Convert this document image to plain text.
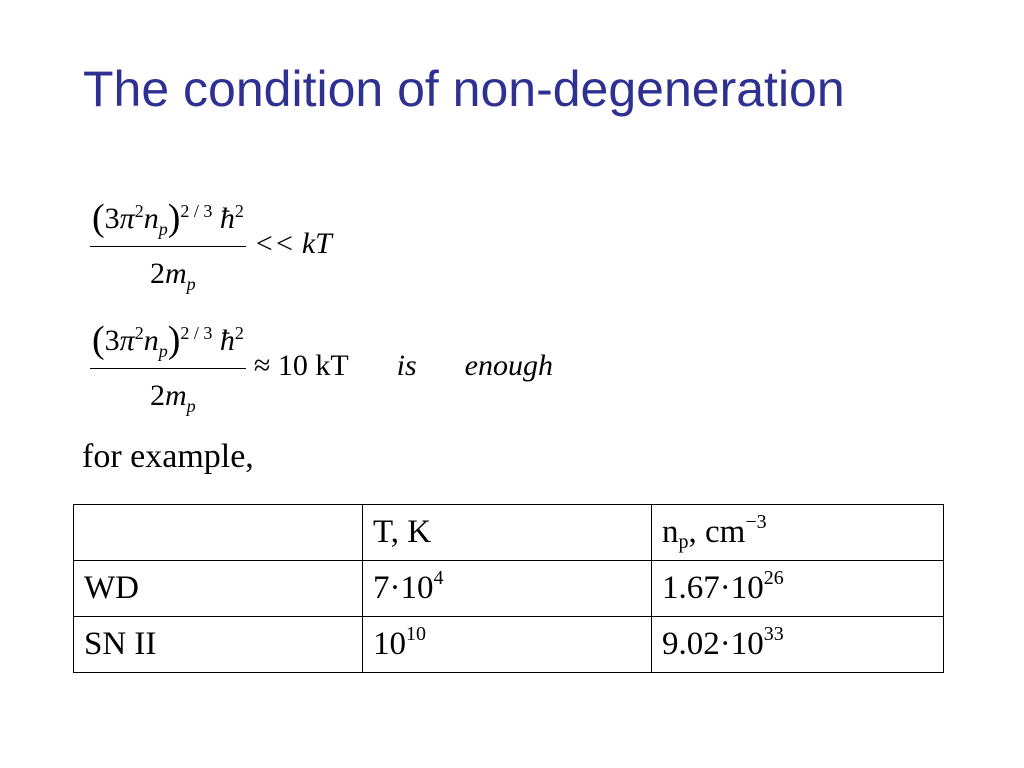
The condition of non-degeneration
$\frac{(3\pi^2n_p)^{2 / 3} ħ^2}{2m_p}$ << kT
$\frac{(3\pi^2n_p)^{2 / 3} ħ^2}{2m_p} \approx 10$ kT is enough
for example,
	T, K	$n_p$, $cm^{-3}$
WD	$7\cdot 10^4$	$1.67\cdot 10^{26}$
SN II	$10^{10}$	$9.02\cdot 10^{33}$
